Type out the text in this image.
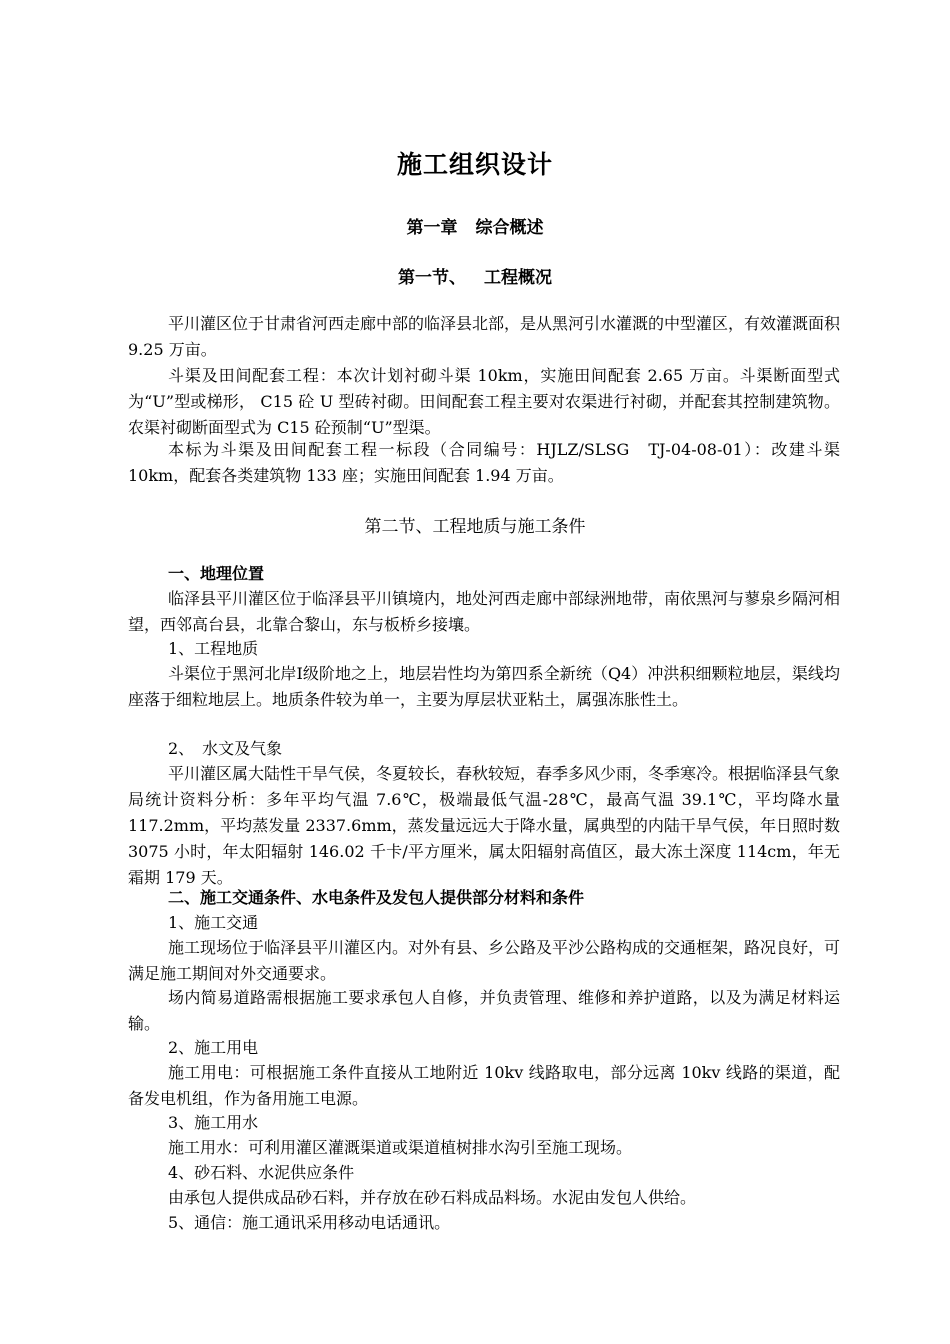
施工组织设计
第一章 综合概述
第一节、 工程概况

平川灌区位于甘肃省河西走廊中部的临泽县北部，是从黑河引水灌溉的中型灌区，有效灌溉面积 9.25 万亩。

斗渠及田间配套工程：本次计划衬砌斗渠 10km，实施田间配套 2.65 万亩。斗渠断面型式为“U”型或梯形， C15 砼 U 型砖衬砌。田间配套工程主要对农渠进行衬砌，并配套其控制建筑物。农渠衬砌断面型式为 C15 砼预制“U”型渠。

本标为斗渠及田间配套工程一标段（合同编号：HJLZ/SLSG　TJ-04-08-01）：改建斗渠 10km，配套各类建筑物 133 座；实施田间配套 1.94 万亩。

第二节、工程地质与施工条件

一、地理位置

临泽县平川灌区位于临泽县平川镇境内，地处河西走廊中部绿洲地带，南依黑河与蓼泉乡隔河相望，西邻高台县，北靠合黎山，东与板桥乡接壤。

1、工程地质

斗渠位于黑河北岸Ⅰ级阶地之上，地层岩性均为第四系全新统（Q4）冲洪积细颗粒地层，渠线均座落于细粒地层上。地质条件较为单一，主要为厚层状亚粘土，属强冻胀性土。

2、　水文及气象

平川灌区属大陆性干旱气侯，冬夏较长，春秋较短，春季多风少雨，冬季寒冷。根据临泽县气象局统计资料分析：多年平均气温 7.6℃，极端最低气温-28℃，最高气温 39.1℃，平均降水量 117.2mm，平均蒸发量 2337.6mm，蒸发量远远大于降水量，属典型的内陆干旱气侯，年日照时数 3075 小时，年太阳辐射 146.02 千卡/平方厘米，属太阳辐射高值区，最大冻土深度 114cm，年无霜期 179 天。

二、施工交通条件、水电条件及发包人提供部分材料和条件

1、施工交通

施工现场位于临泽县平川灌区内。对外有县、乡公路及平沙公路构成的交通框架，路况良好，可满足施工期间对外交通要求。

场内简易道路需根据施工要求承包人自修，并负责管理、维修和养护道路，以及为满足材料运输。

2、施工用电

施工用电：可根据施工条件直接从工地附近 10kv 线路取电，部分远离 10kv 线路的渠道，配备发电机组，作为备用施工电源。

3、施工用水

施工用水：可利用灌区灌溉渠道或渠道植树排水沟引至施工现场。

4、砂石料、水泥供应条件

由承包人提供成品砂石料，并存放在砂石料成品料场。水泥由发包人供给。

5、通信：施工通讯采用移动电话通讯。
